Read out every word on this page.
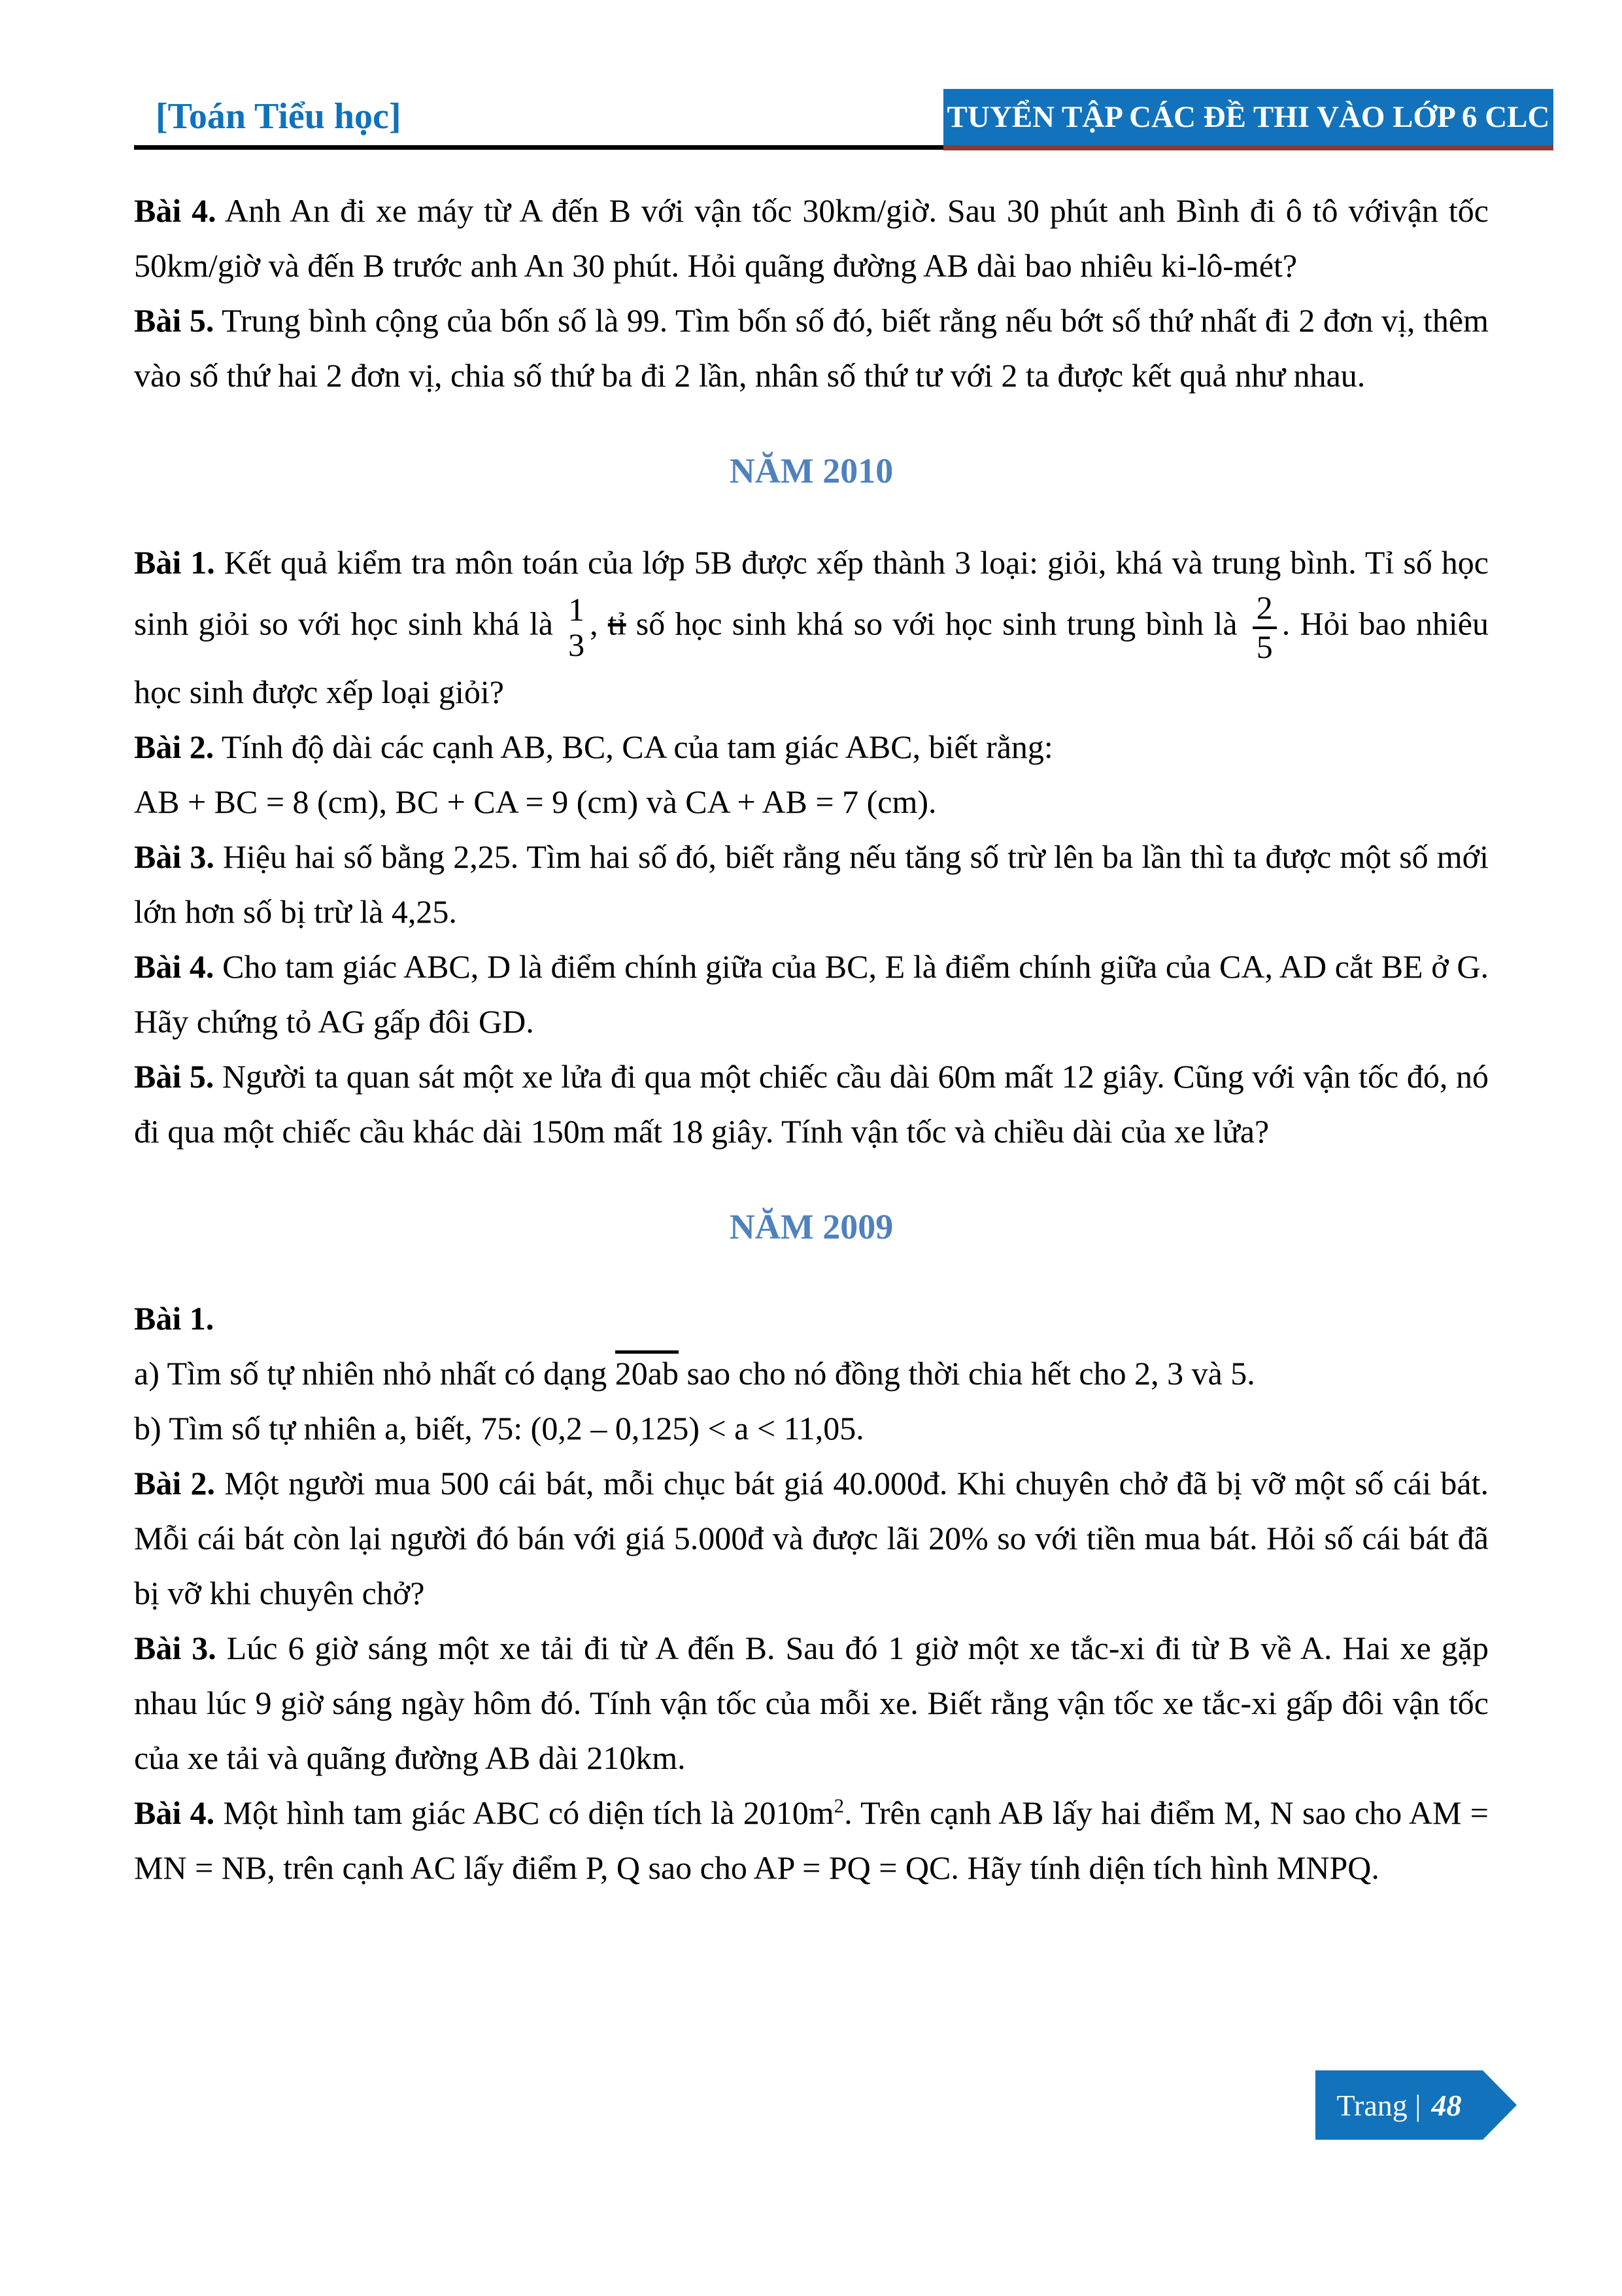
[Toán Tiểu học]	TUYỂN TẬP CÁC ĐỀ THI VÀO LỚP 6 CLC

Bài 4. Anh An đi xe máy từ A đến B với vận tốc 30km/giờ. Sau 30 phút anh Bình đi ô tô vớivận tốc 50km/giờ và đến B trước anh An 30 phút. Hỏi quãng đường AB dài bao nhiêu ki-lô-mét?

Bài 5. Trung bình cộng của bốn số là 99. Tìm bốn số đó, biết rằng nếu bớt số thứ nhất đi 2 đơn vị, thêm vào số thứ hai 2 đơn vị, chia số thứ ba đi 2 lần, nhân số thứ tư với 2 ta được kết quả như nhau.

NĂM 2010

Bài 1. Kết quả kiểm tra môn toán của lớp 5B được xếp thành 3 loại: giỏi, khá và trung bình. Tỉ số học sinh giỏi so với học sinh khá là 1
3
, tỉ số học sinh khá so với học sinh trung bình là $\frac{2}{5}$ . Hỏi bao nhiêu học sinh được xếp loại giỏi?

Bài 2. Tính độ dài các cạnh AB, BC, CA của tam giác ABC, biết rằng:

AB + BC = 8 (cm), BC + CA = 9 (cm) và CA + AB = 7 (cm).

Bài 3. Hiệu hai số bằng 2,25. Tìm hai số đó, biết rằng nếu tăng số trừ lên ba lần thì ta được một số mới lớn hơn số bị trừ là 4,25.

Bài 4. Cho tam giác ABC, D là điểm chính giữa của BC, E là điểm chính giữa của CA, AD cắt BE ở G. Hãy chứng tỏ AG gấp đôi GD.

Bài 5. Người ta quan sát một xe lửa đi qua một chiếc cầu dài 60m mất 12 giây. Cũng với vận tốc đó, nó đi qua một chiếc cầu khác dài 150m mất 18 giây. Tính vận tốc và chiều dài của xe lửa?

NĂM 2009

Bài 1.

a) Tìm số tự nhiên nhỏ nhất có dạng 20ab sao cho nó đồng thời chia hết cho 2, 3 và 5.

b) Tìm số tự nhiên a, biết, 75: (0,2 – 0,125) < a < 11,05.

Bài 2. Một người mua 500 cái bát, mỗi chục bát giá 40.000đ. Khi chuyên chở đã bị vỡ một số cái bát. Mỗi cái bát còn lại người đó bán với giá 5.000đ và được lãi 20% so với tiền mua bát. Hỏi số cái bát đã bị vỡ khi chuyên chở?

Bài 3. Lúc 6 giờ sáng một xe tải đi từ A đến B. Sau đó 1 giờ một xe tắc-xi đi từ B về A. Hai xe gặp nhau lúc 9 giờ sáng ngày hôm đó. Tính vận tốc của mỗi xe. Biết rằng vận tốc xe tắc-xi gấp đôi vận tốc của xe tải và quãng đường AB dài 210km.

Bài 4. Một hình tam giác ABC có diện tích là $2010m^2$. Trên cạnh AB lấy hai điểm M, N sao cho AM = MN = NB, trên cạnh AC lấy điểm P, Q sao cho AP = PQ = QC. Hãy tính diện tích hình MNPQ.

Trang | 48
